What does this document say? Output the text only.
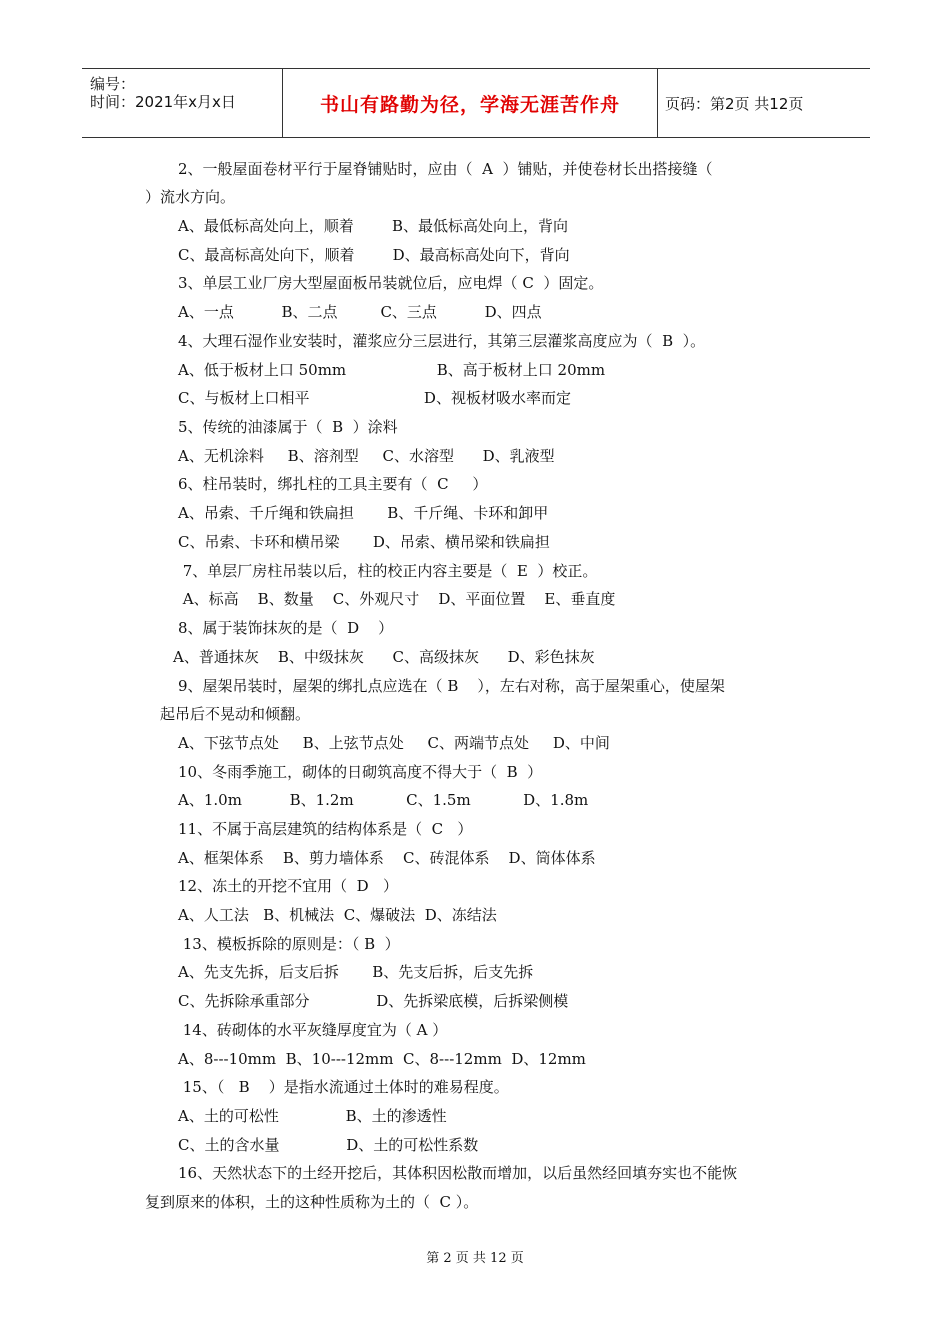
编号：
时间：2021年x月x日	书山有路勤为径，学海无涯苦作舟	页码：第2页 共12页
2、一般屋面卷材平行于屋脊铺贴时，应由（  A  ）铺贴，并使卷材长出搭接缝（
）流水方向。
A、最低标高处向上，顺着        B、最低标高处向上，背向
C、最高标高处向下，顺着        D、最高标高处向下，背向
3、单层工业厂房大型屋面板吊装就位后，应电焊（ C  ）固定。
A、一点          B、二点         C、三点          D、四点
4、大理石湿作业安装时，灌浆应分三层进行，其第三层灌浆高度应为（  B  ）。
A、低于板材上口 50mm                   B、高于板材上口 20mm
C、与板材上口相平                        D、视板材吸水率而定
5、传统的油漆属于（  B  ）涂料
A、无机涂料     B、溶剂型     C、水溶型      D、乳液型
6、柱吊装时，绑扎柱的工具主要有（  C     ）
A、吊索、千斤绳和铁扁担       B、千斤绳、卡环和卸甲
C、吊索、卡环和横吊梁       D、吊索、横吊梁和铁扁担
7、单层厂房柱吊装以后，柱的校正内容主要是（  E  ）校正。
A、标高    B、数量    C、外观尺寸    D、平面位置    E、垂直度
8、属于装饰抹灰的是（  D    ）
A、普通抹灰    B、中级抹灰      C、高级抹灰      D、彩色抹灰
9、屋架吊装时，屋架的绑扎点应选在（ B    ），左右对称，高于屋架重心，使屋架
起吊后不晃动和倾翻。
A、下弦节点处     B、上弦节点处     C、两端节点处     D、中间
10、冬雨季施工，砌体的日砌筑高度不得大于（  B  ）
A、1.0m          B、1.2m           C、1.5m           D、1.8m
11、不属于高层建筑的结构体系是（  C   ）
A、框架体系    B、剪力墙体系    C、砖混体系    D、筒体体系
12、冻土的开挖不宜用（  D   ）
A、人工法   B、机械法  C、爆破法  D、冻结法
13、模板拆除的原则是：（ B  ）
A、先支先拆，后支后拆       B、先支后拆，后支先拆
C、先拆除承重部分              D、先拆梁底模，后拆梁侧模
14、砖砌体的水平灰缝厚度宜为（ A ）
A、8---10mm  B、10---12mm  C、8---12mm  D、12mm
15、（   B    ）是指水流通过土体时的难易程度。
A、土的可松性              B、土的渗透性
C、土的含水量              D、土的可松性系数
16、天然状态下的土经开挖后，其体积因松散而增加，以后虽然经回填夯实也不能恢
复到原来的体积，土的这种性质称为土的（  C ）。
第 2 页 共 12 页
